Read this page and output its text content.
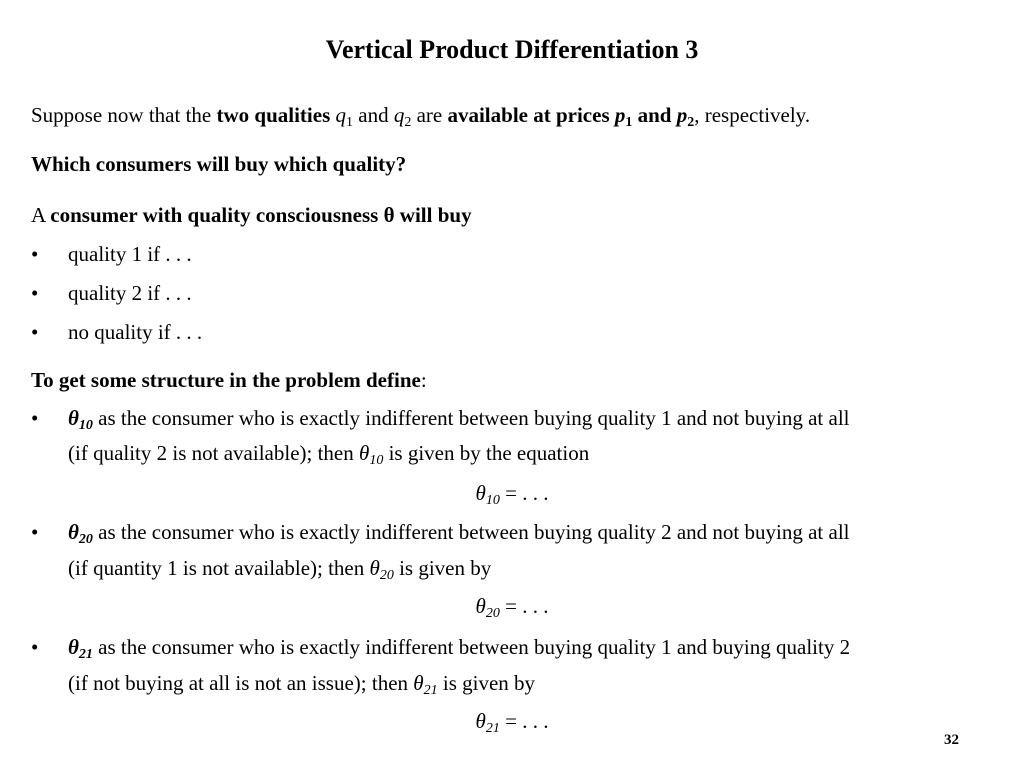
Vertical Product Differentiation 3
Suppose now that the two qualities $q_1$ and $q_2$ are available at prices $p_1$ and $p_2$, respectively.
Which consumers will buy which quality?
A consumer with quality consciousness θ will buy
• quality 1 if . . .
• quality 2 if . . .
• no quality if . . .
To get some structure in the problem define:
• $\theta_{10}$ as the consumer who is exactly indifferent between buying quality 1 and not buying at all
(if quality 2 is not available); then $\theta_{10}$ is given by the equation
$\theta_{10}$ = . . .
• $\theta_{20}$ as the consumer who is exactly indifferent between buying quality 2 and not buying at all
(if quantity 1 is not available); then $\theta_{20}$ is given by
$\theta_{20}$ = . . .
• $\theta_{21}$ as the consumer who is exactly indifferent between buying quality 1 and buying quality 2
(if not buying at all is not an issue); then $\theta_{21}$ is given by
$\theta_{21}$ = . . .
32
